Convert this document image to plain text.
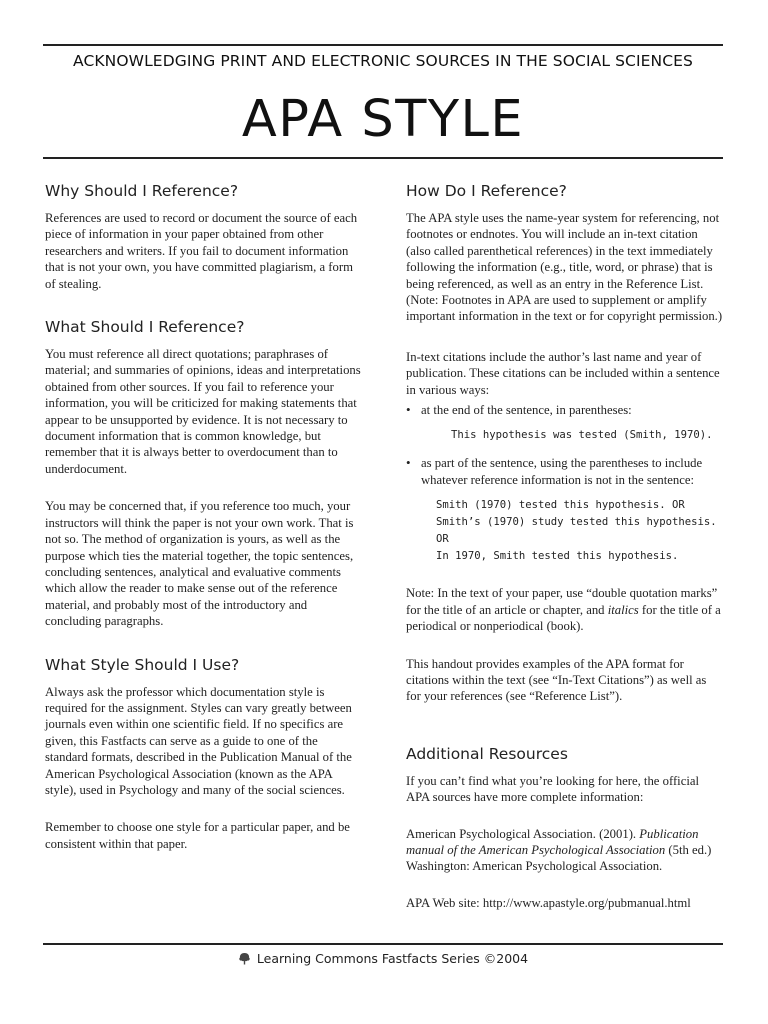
ACKNOWLEDGING PRINT AND ELECTRONIC SOURCES IN THE SOCIAL SCIENCES
APA STYLE
Why Should I Reference?

References are used to record or document the source of each piece of information in your paper obtained from other researchers and writers. If you fail to document information that is not your own, you have committed plagiarism, a form of stealing.

What Should I Reference?

You must reference all direct quotations; paraphrases of material; and summaries of opinions, ideas and interpretations obtained from other sources. If you fail to reference your information, you will be criticized for making statements that appear to be unsupported by evidence. It is not necessary to document information that is common knowledge, but remember that it is always better to overdocument than to underdocument.

You may be concerned that, if you reference too much, your instructors will think the paper is not your own work. That is not so. The method of organization is yours, as well as the purpose which ties the material together, the topic sentences, concluding sentences, analytical and evaluative comments which allow the reader to make sense out of the reference material, and probably most of the introductory and concluding paragraphs.

What Style Should I Use?

Always ask the professor which documentation style is required for the assignment. Styles can vary greatly between journals even within one scientific field. If no specifics are given, this Fastfacts can serve as a guide to one of the standard formats, described in the Publication Manual of the American Psychological Association (known as the APA style), used in Psychology and many of the social sciences.

Remember to choose one style for a particular paper, and be consistent within that paper.

How Do I Reference?

The APA style uses the name-year system for referencing, not footnotes or endnotes. You will include an in-text citation (also called parenthetical references) in the text immediately following the information (e.g., title, word, or phrase) that is being referenced, as well as an entry in the Reference List. (Note: Footnotes in APA are used to supplement or amplify important information in the text or for copyright permission.)

In-text citations include the author’s last name and year of publication. These citations can be included within a sentence in various ways:

• at the end of the sentence, in parentheses:
This hypothesis was tested (Smith, 1970).
• as part of the sentence, using the parentheses to include whatever reference information is not in the sentence:
Smith (1970) tested this hypothesis. OR
Smith’s (1970) study tested this hypothesis. OR
In 1970, Smith tested this hypothesis.

Note: In the text of your paper, use “double quotation marks” for the title of an article or chapter, and italics for the title of a periodical or nonperiodical (book).

This handout provides examples of the APA format for citations within the text (see “In-Text Citations”) as well as for your references (see “Reference List”).

Additional Resources

If you can’t find what you’re looking for here, the official APA sources have more complete information:

American Psychological Association. (2001). Publication manual of the American Psychological Association (5th ed.) Washington: American Psychological Association.

APA Web site: http://www.apastyle.org/pubmanual.html

Learning Commons Fastfacts Series ©2004
